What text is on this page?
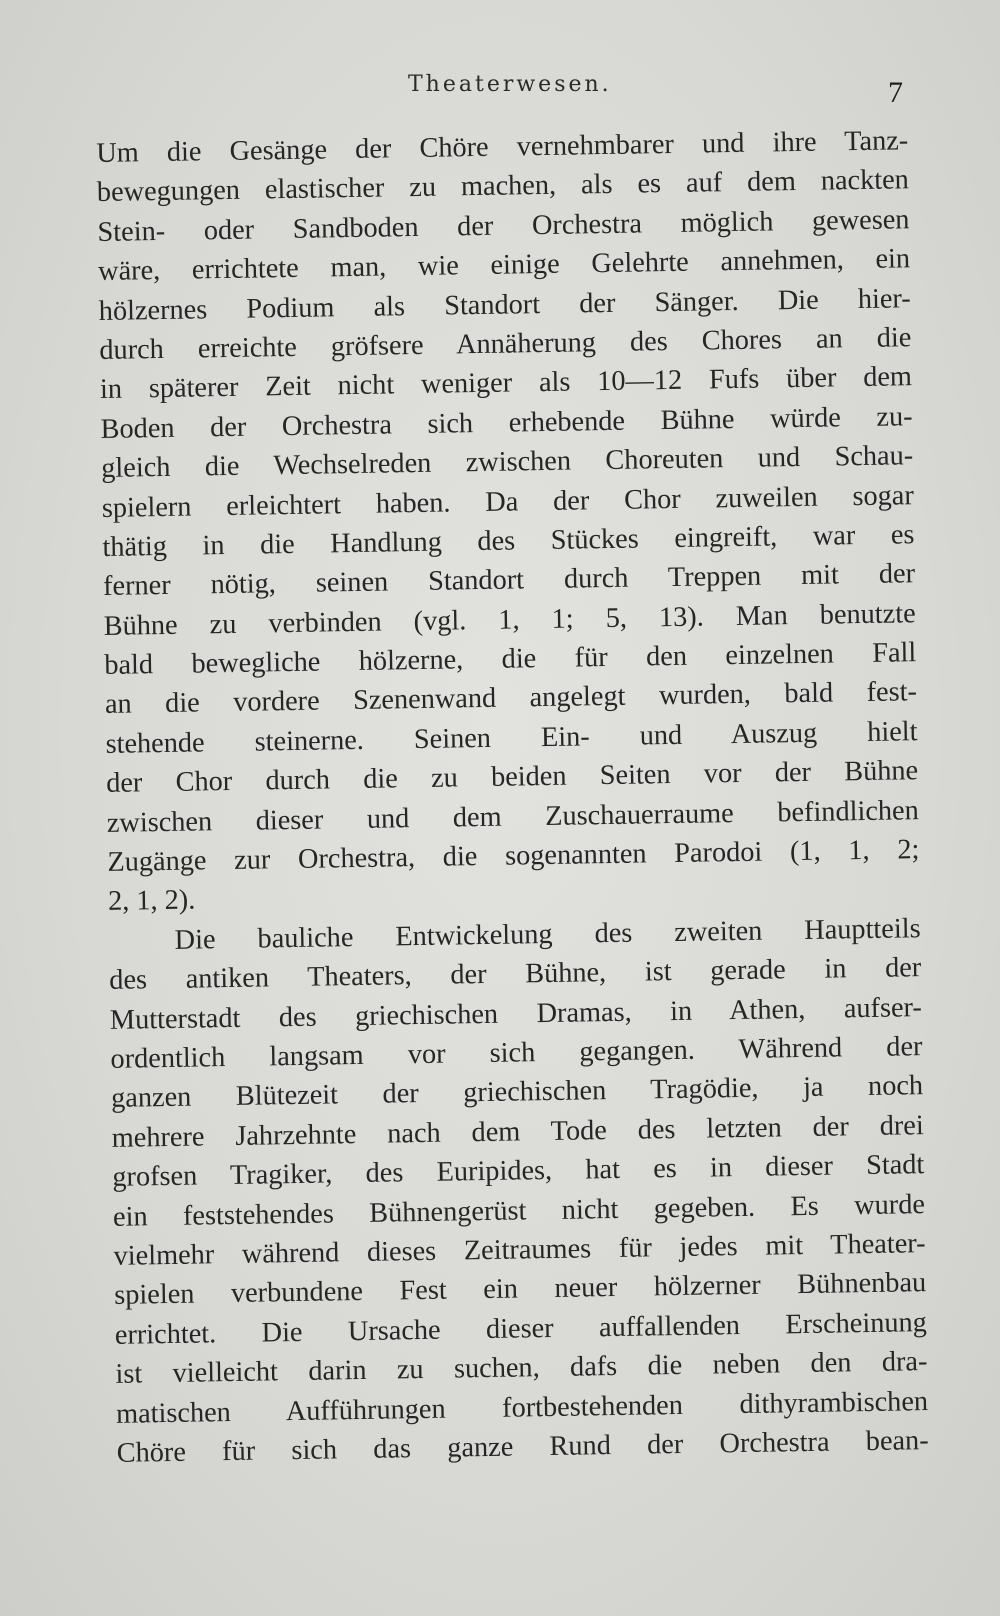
Theaterwesen.	7
Um die Gesänge der Chöre vernehmbarer und ihre Tanz-
bewegungen elastischer zu machen, als es auf dem nackten
Stein- oder Sandboden der Orchestra möglich gewesen
wäre, errichtete man, wie einige Gelehrte annehmen, ein
hölzernes Podium als Standort der Sänger. Die hier-
durch erreichte gröfsere Annäherung des Chores an die
in späterer Zeit nicht weniger als 10—12 Fufs über dem
Boden der Orchestra sich erhebende Bühne würde zu-
gleich die Wechselreden zwischen Choreuten und Schau-
spielern erleichtert haben. Da der Chor zuweilen sogar
thätig in die Handlung des Stückes eingreift, war es
ferner nötig, seinen Standort durch Treppen mit der
Bühne zu verbinden (vgl. 1, 1; 5, 13). Man benutzte
bald bewegliche hölzerne, die für den einzelnen Fall
an die vordere Szenenwand angelegt wurden, bald fest-
stehende steinerne. Seinen Ein- und Auszug hielt
der Chor durch die zu beiden Seiten vor der Bühne
zwischen dieser und dem Zuschauerraume befindlichen
Zugänge zur Orchestra, die sogenannten Parodoi (1, 1, 2;
2, 1, 2).
Die bauliche Entwickelung des zweiten Hauptteils
des antiken Theaters, der Bühne, ist gerade in der
Mutterstadt des griechischen Dramas, in Athen, aufser-
ordentlich langsam vor sich gegangen. Während der
ganzen Blütezeit der griechischen Tragödie, ja noch
mehrere Jahrzehnte nach dem Tode des letzten der drei
grofsen Tragiker, des Euripides, hat es in dieser Stadt
ein feststehendes Bühnengerüst nicht gegeben. Es wurde
vielmehr während dieses Zeitraumes für jedes mit Theater-
spielen verbundene Fest ein neuer hölzerner Bühnenbau
errichtet. Die Ursache dieser auffallenden Erscheinung
ist vielleicht darin zu suchen, dafs die neben den dra-
matischen Aufführungen fortbestehenden dithyrambischen
Chöre für sich das ganze Rund der Orchestra bean-
